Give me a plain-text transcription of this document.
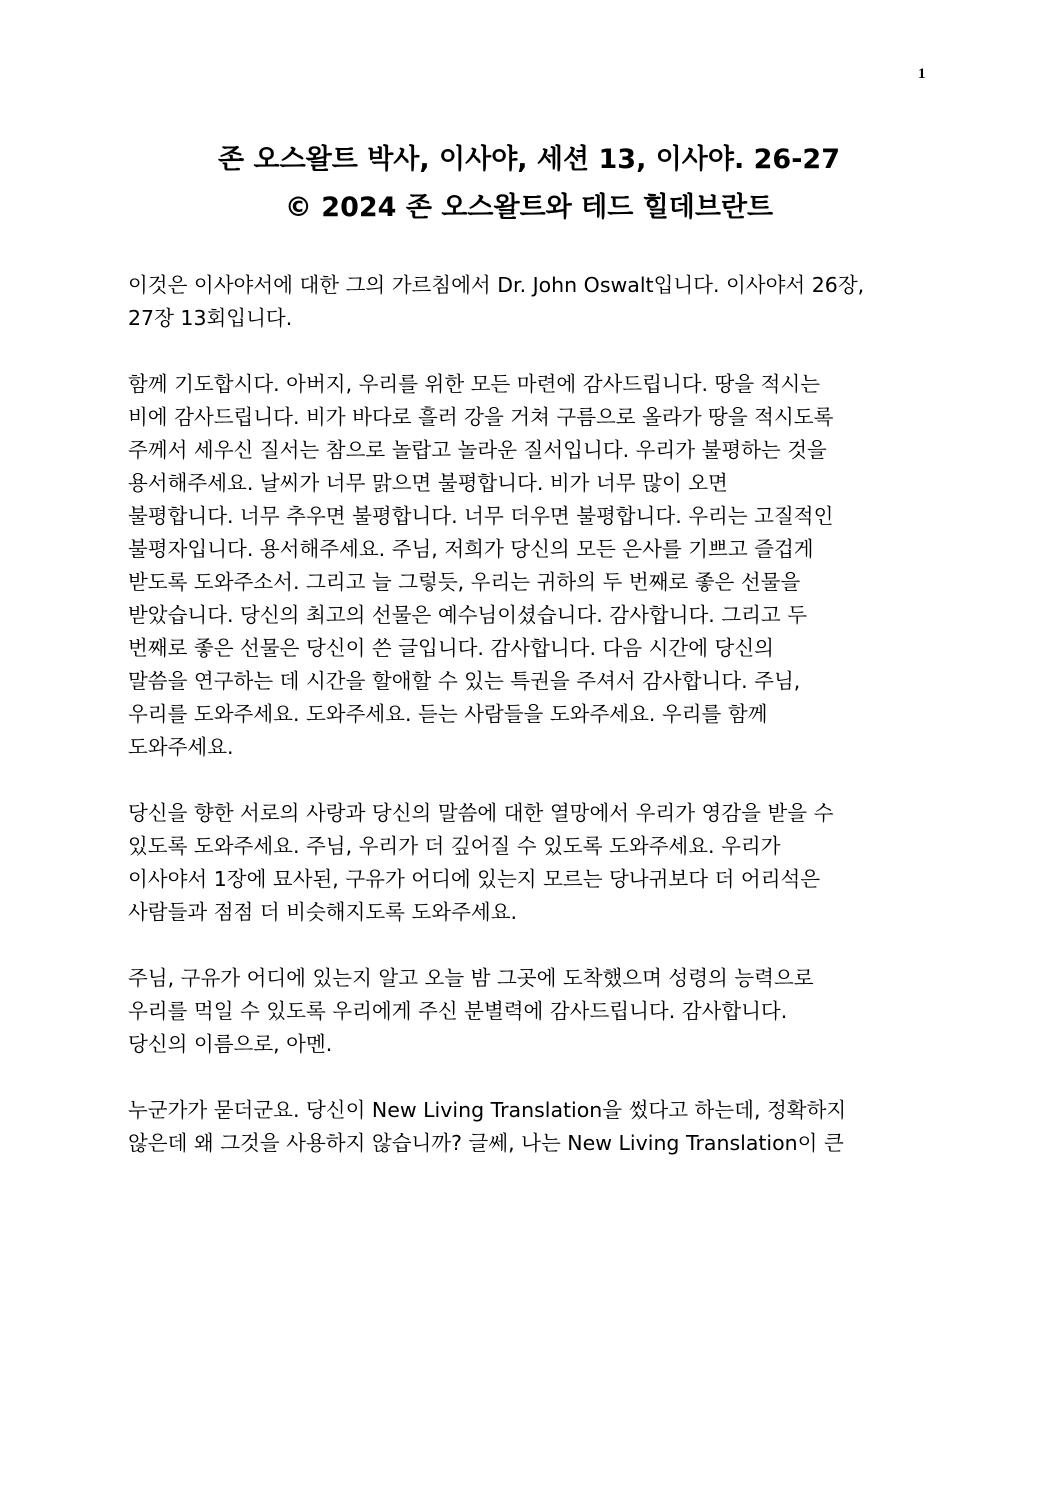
1
존 오스왈트 박사, 이사야, 세션 13, 이사야. 26-27
© 2024 존 오스왈트와 테드 힐데브란트

이것은 이사야서에 대한 그의 가르침에서 Dr. John Oswalt입니다. 이사야서 26장,
27장 13회입니다.

함께 기도합시다. 아버지, 우리를 위한 모든 마련에 감사드립니다. 땅을 적시는
비에 감사드립니다. 비가 바다로 흘러 강을 거쳐 구름으로 올라가 땅을 적시도록
주께서 세우신 질서는 참으로 놀랍고 놀라운 질서입니다. 우리가 불평하는 것을
용서해주세요. 날씨가 너무 맑으면 불평합니다. 비가 너무 많이 오면
불평합니다. 너무 추우면 불평합니다. 너무 더우면 불평합니다. 우리는 고질적인
불평자입니다. 용서해주세요. 주님, 저희가 당신의 모든 은사를 기쁘고 즐겁게
받도록 도와주소서. 그리고 늘 그렇듯, 우리는 귀하의 두 번째로 좋은 선물을
받았습니다. 당신의 최고의 선물은 예수님이셨습니다. 감사합니다. 그리고 두
번째로 좋은 선물은 당신이 쓴 글입니다. 감사합니다. 다음 시간에 당신의
말씀을 연구하는 데 시간을 할애할 수 있는 특권을 주셔서 감사합니다. 주님,
우리를 도와주세요. 도와주세요. 듣는 사람들을 도와주세요. 우리를 함께
도와주세요.

당신을 향한 서로의 사랑과 당신의 말씀에 대한 열망에서 우리가 영감을 받을 수
있도록 도와주세요. 주님, 우리가 더 깊어질 수 있도록 도와주세요. 우리가
이사야서 1장에 묘사된, 구유가 어디에 있는지 모르는 당나귀보다 더 어리석은
사람들과 점점 더 비슷해지도록 도와주세요.

주님, 구유가 어디에 있는지 알고 오늘 밤 그곳에 도착했으며 성령의 능력으로
우리를 먹일 수 있도록 우리에게 주신 분별력에 감사드립니다. 감사합니다.
당신의 이름으로, 아멘.

누군가가 묻더군요. 당신이 New Living Translation을 썼다고 하는데, 정확하지
않은데 왜 그것을 사용하지 않습니까? 글쎄, 나는 New Living Translation이 큰
